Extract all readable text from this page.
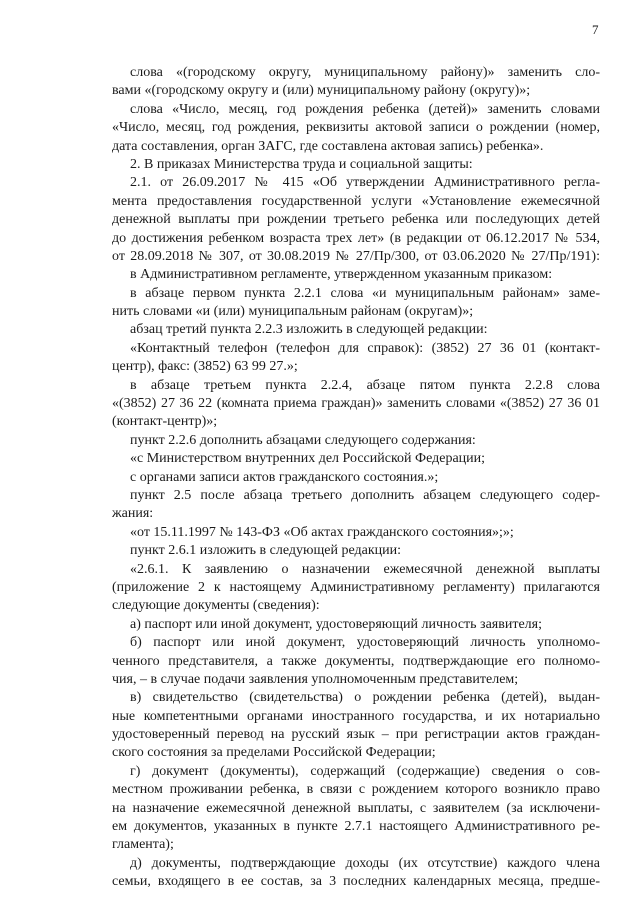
7
слова «(городскому округу, муниципальному району)» заменить сло-
вами «(городскому округу и (или) муниципальному району (округу)»;
слова «Число, месяц, год рождения ребенка (детей)» заменить словами
«Число, месяц, год рождения, реквизиты актовой записи о рождении (номер,
дата составления, орган ЗАГС, где составлена актовая запись) ребенка».
2. В приказах Министерства труда и социальной защиты:
2.1. от 26.09.2017 № 415 «Об утверждении Административного регла-
мента предоставления государственной услуги «Установление ежемесячной
денежной выплаты при рождении третьего ребенка или последующих детей
до достижения ребенком возраста трех лет» (в редакции от 06.12.2017 № 534,
от 28.09.2018 № 307, от 30.08.2019 № 27/Пр/300, от 03.06.2020 № 27/Пр/191):
в Административном регламенте, утвержденном указанным приказом:
в абзаце первом пункта 2.2.1 слова «и муниципальным районам» заме-
нить словами «и (или) муниципальным районам (округам)»;
абзац третий пункта 2.2.3 изложить в следующей редакции:
«Контактный телефон (телефон для справок): (3852) 27 36 01 (контакт-
центр), факс: (3852) 63 99 27.»;
в абзаце третьем пункта 2.2.4, абзаце пятом пункта 2.2.8 слова
«(3852) 27 36 22 (комната приема граждан)» заменить словами «(3852) 27 36 01
(контакт-центр)»;
пункт 2.2.6 дополнить абзацами следующего содержания:
«с Министерством внутренних дел Российской Федерации;
с органами записи актов гражданского состояния.»;
пункт 2.5 после абзаца третьего дополнить абзацем следующего содер-
жания:
«от 15.11.1997 № 143-ФЗ «Об актах гражданского состояния»;»;
пункт 2.6.1 изложить в следующей редакции:
«2.6.1. К заявлению о назначении ежемесячной денежной выплаты
(приложение 2 к настоящему Административному регламенту) прилагаются
следующие документы (сведения):
а) паспорт или иной документ, удостоверяющий личность заявителя;
б) паспорт или иной документ, удостоверяющий личность уполномо-
ченного представителя, а также документы, подтверждающие его полномо-
чия, – в случае подачи заявления уполномоченным представителем;
в) свидетельство (свидетельства) о рождении ребенка (детей), выдан-
ные компетентными органами иностранного государства, и их нотариально
удостоверенный перевод на русский язык – при регистрации актов граждан-
ского состояния за пределами Российской Федерации;
г) документ (документы), содержащий (содержащие) сведения о сов-
местном проживании ребенка, в связи с рождением которого возникло право
на назначение ежемесячной денежной выплаты, с заявителем (за исключени-
ем документов, указанных в пункте 2.7.1 настоящего Административного ре-
гламента);
д) документы, подтверждающие доходы (их отсутствие) каждого члена
семьи, входящего в ее состав, за 3 последних календарных месяца, предше-
